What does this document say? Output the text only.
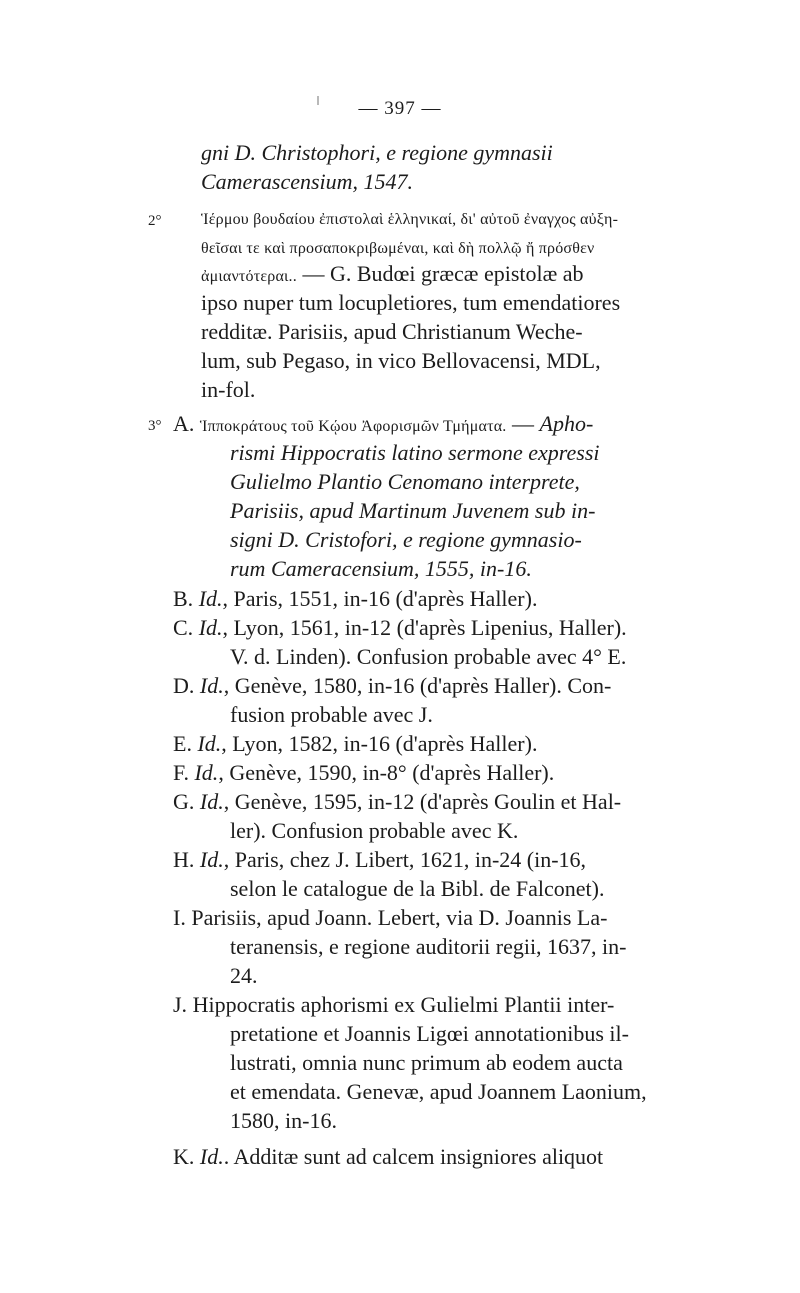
— 397 —
gni D. Christophori, e regione gymnasii
Camerascensium, 1547.
2° Ἱέρμου βουδαίου ἐπιστολαὶ ἑλληνικαί, δι' αὐτοῦ ἐναγχος αὐξη-
θεῖσαι τε καὶ προσαποκριβωμέναι, καὶ δὴ πολλῷ ἤ πρόσθεν
ἀμιαντότεραι.. — G. Budœi græcæ epistolæ ab
ipso nuper tum locupletiores, tum emendatiores
redditæ. Parisiis, apud Christianum Weche-
lum, sub Pegaso, in vico Bellovacensi, MDL,
in-fol.
3° A. Ἱπποκράτους τοῦ Κῴου Ἀφορισμῶν Τμήματα. — Apho-
rismi Hippocratis latino sermone expressi
Gulielmo Plantio Cenomano interprete,
Parisiis, apud Martinum Juvenem sub in-
signi D. Cristofori, e regione gymnasio-
rum Cameracensium, 1555, in-16.
B. Id., Paris, 1551, in-16 (d'après Haller).
C. Id., Lyon, 1561, in-12 (d'après Lipenius, Haller).
V. d. Linden). Confusion probable avec 4° E.
D. Id., Genève, 1580, in-16 (d'après Haller). Con-
fusion probable avec J.
E. Id., Lyon, 1582, in-16 (d'après Haller).
F. Id., Genève, 1590, in-8° (d'après Haller).
G. Id., Genève, 1595, in-12 (d'après Goulin et Hal-
ler). Confusion probable avec K.
H. Id., Paris, chez J. Libert, 1621, in-24 (in-16,
selon le catalogue de la Bibl. de Falconet).
I. Parisiis, apud Joann. Lebert, via D. Joannis La-
teranensis, e regione auditorii regii, 1637, in-
24.
J. Hippocratis aphorismi ex Gulielmi Plantii inter-
pretatione et Joannis Ligœi annotationibus il-
lustrati, omnia nunc primum ab eodem aucta
et emendata. Genevæ, apud Joannem Laonium,
1580, in-16.
K. Id.. Additæ sunt ad calcem insigniores aliquot
